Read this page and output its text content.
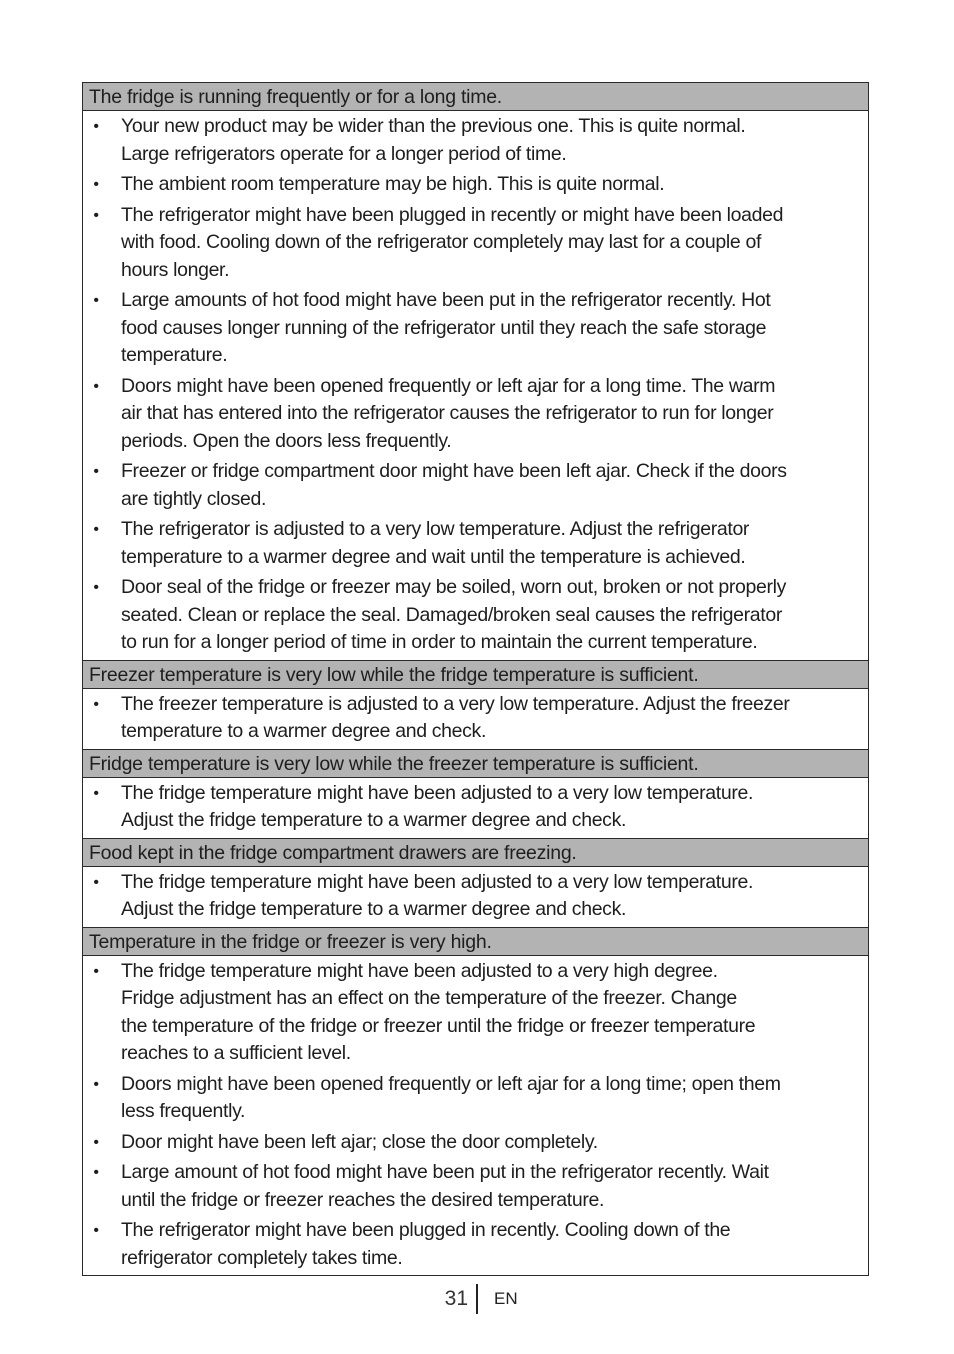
The fridge is running frequently or for a long time.
• Your new product may be wider than the previous one. This is quite normal.
Large refrigerators operate for a longer period of time.
• The ambient room temperature may be high. This is quite normal.
• The refrigerator might have been plugged in recently or might have been loaded
with food. Cooling down of the refrigerator completely may last for a couple of
hours longer.
• Large amounts of hot food might have been put in the refrigerator recently. Hot
food causes longer running of the refrigerator until they reach the safe storage
temperature.
• Doors might have been opened frequently or left ajar for a long time. The warm
air that has entered into the refrigerator causes the refrigerator to run for longer
periods. Open the doors less frequently.
• Freezer or fridge compartment door might have been left ajar. Check if the doors
are tightly closed.
• The refrigerator is adjusted to a very low temperature. Adjust the refrigerator
temperature to a warmer degree and wait until the temperature is achieved.
• Door seal of the fridge or freezer may be soiled, worn out, broken or not properly
seated. Clean or replace the seal. Damaged/broken seal causes the refrigerator
to run for a longer period of time in order to maintain the current temperature.
Freezer temperature is very low while the fridge temperature is sufficient.
• The freezer temperature is adjusted to a very low temperature. Adjust the freezer
temperature to a warmer degree and check.
Fridge temperature is very low while the freezer temperature is sufficient.
• The fridge temperature might have been adjusted to a very low temperature.
Adjust the fridge temperature to a warmer degree and check.
Food kept in the fridge compartment drawers are freezing.
• The fridge temperature might have been adjusted to a very low temperature.
Adjust the fridge temperature to a warmer degree and check.
Temperature in the fridge or freezer is very high.
• The fridge temperature might have been adjusted to a very high degree.
Fridge adjustment has an effect on the temperature of the freezer. Change
the temperature of the fridge or freezer until the fridge or freezer temperature
reaches to a sufficient level.
• Doors might have been opened frequently or left ajar for a long time; open them
less frequently.
• Door might have been left ajar; close the door completely.
• Large amount of hot food might have been put in the refrigerator recently. Wait
until the fridge or freezer reaches the desired temperature.
• The refrigerator might have been plugged in recently. Cooling down of the
refrigerator completely takes time.
31 EN
